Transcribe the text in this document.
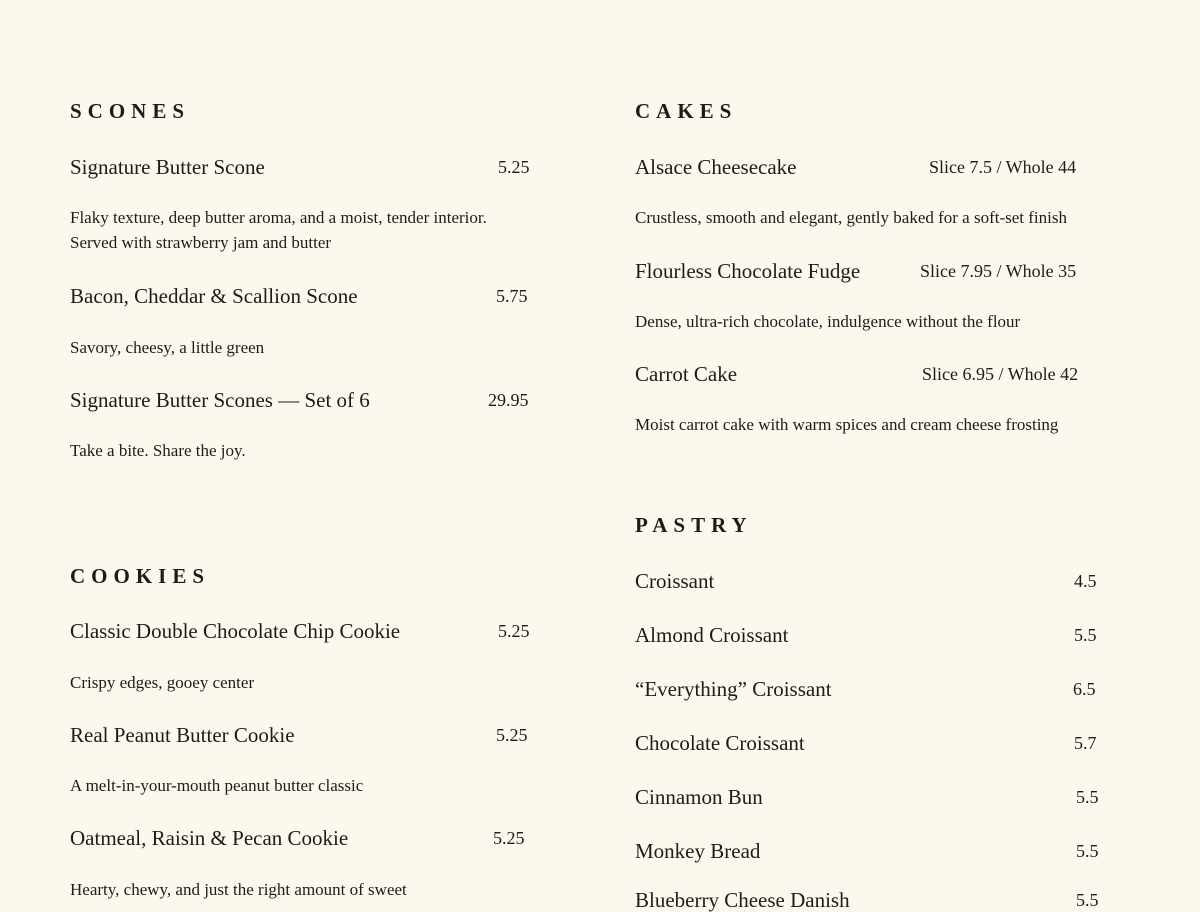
SCONES
Signature Butter Scone	5.25
Flaky texture, deep butter aroma, and a moist, tender interior.
Served with strawberry jam and butter
Bacon, Cheddar & Scallion Scone	5.75
Savory, cheesy, a little green
Signature Butter Scones — Set of 6	29.95
Take a bite. Share the joy.
COOKIES
Classic Double Chocolate Chip Cookie	5.25
Crispy edges, gooey center
Real Peanut Butter Cookie	5.25
A melt-in-your-mouth peanut butter classic
Oatmeal, Raisin & Pecan Cookie	5.25
Hearty, chewy, and just the right amount of sweet
CAKES
Alsace Cheesecake	Slice 7.5 / Whole 44
Crustless, smooth and elegant, gently baked for a soft-set finish
Flourless Chocolate Fudge	Slice 7.95 / Whole 35
Dense, ultra-rich chocolate, indulgence without the flour
Carrot Cake	Slice 6.95 / Whole 42
Moist carrot cake with warm spices and cream cheese frosting
PASTRY
Croissant	4.5
Almond Croissant	5.5
“Everything” Croissant	6.5
Chocolate Croissant	5.7
Cinnamon Bun	5.5
Monkey Bread	5.5
Blueberry Cheese Danish	5.5
